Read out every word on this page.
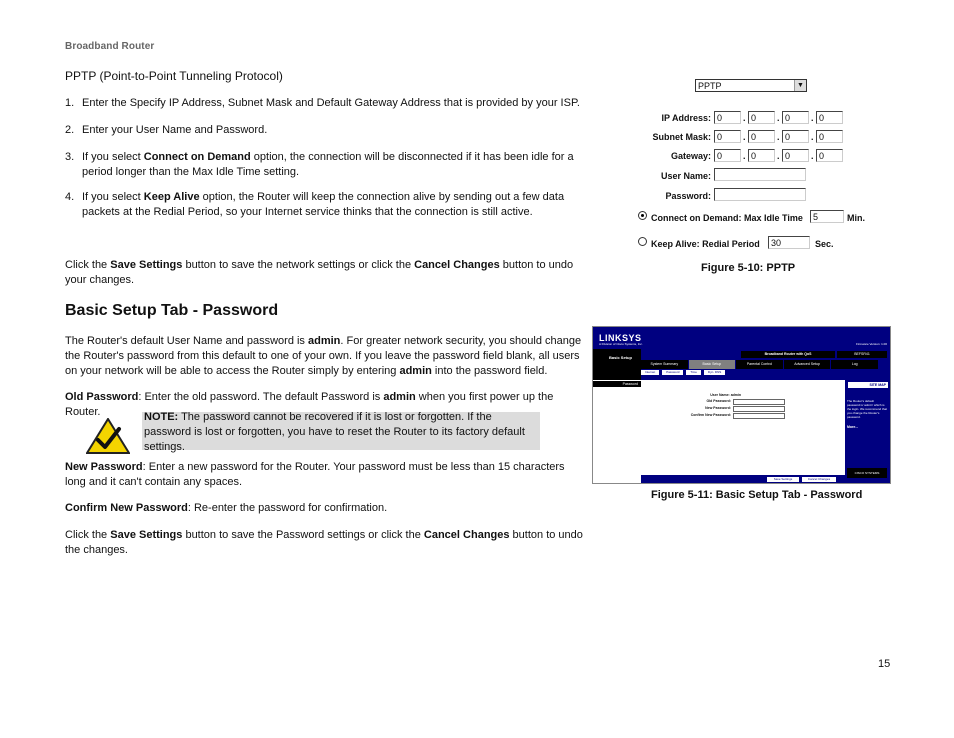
Broadband Router
PPTP (Point-to-Point Tunneling Protocol)
1. Enter the Specify IP Address, Subnet Mask and Default Gateway Address that is provided by your ISP.
2. Enter your User Name and Password.
3. If you select Connect on Demand option, the connection will be disconnected if it has been idle for a period longer than the Max Idle Time setting.
4. If you select Keep Alive option, the Router will keep the connection alive by sending out a few data packets at the Redial Period, so your Internet service thinks that the connection is still active.
Click the Save Settings button to save the network settings or click the Cancel Changes button to undo your changes.
Basic Setup Tab - Password
The Router's default User Name and password is admin. For greater network security, you should change the Router's password from this default to one of your own. If you leave the password field blank, all users on your network will be able to access the Router simply by entering admin into the password field.
Old Password: Enter the old password. The default Password is admin when you first power up the Router.	NOTE: The password cannot be recovered if it is lost or forgotten. If the password is lost or forgotten, you have to reset the Router to its factory default settings.
New Password: Enter a new password for the Router. Your password must be less than 15 characters long and it can't contain any spaces.
Confirm New Password: Re-enter the password for confirmation.
Click the Save Settings button to save the Password settings or click the Cancel Changes button to undo the changes.
PPTP	▼
IP Address: 0	. 0	. 0	. 0
Subnet Mask: 0	. 0	. 0	. 0
Gateway: 0	. 0	. 0	. 0
User Name:
Password:
Connect on Demand: Max Idle Time	5	Min.
Keep Alive: Redial Period	30	Sec.
Figure 5-10: PPTP
LINKSYS
A Division of Cisco Systems, Inc.	Firmware Version: 1.00
Basic Setup
Broadband Router with QoS	BEFSR41
System Summary	Basic Setup	Parental Control	Advanced Setup	Log
Internet	Password	Time	Dyn. DNS
Password
User Name: admin
Old Password:
New Password:
Confirm New Password:
SITE MAP
The Router's default password is 'admin' which is the login. We recommend that you change the Router's password.
More...
Save Settings	Cancel Changes
CISCO SYSTEMS
Figure 5-11: Basic Setup Tab - Password
15
